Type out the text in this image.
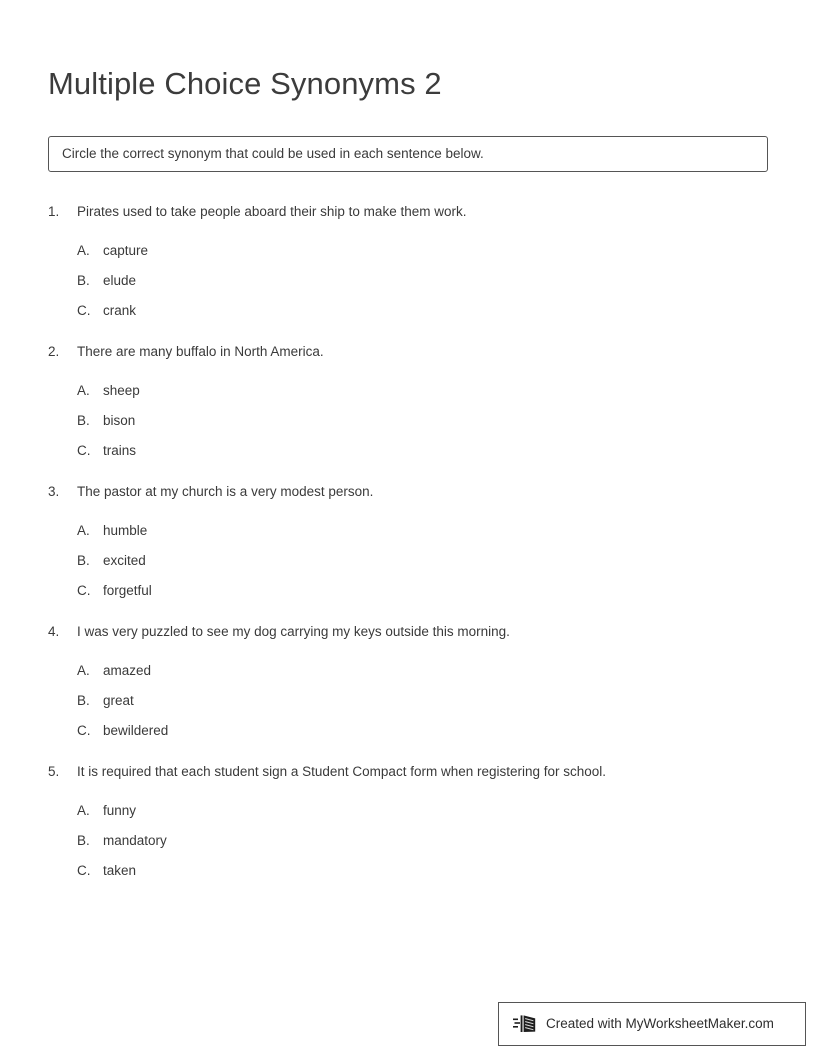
Multiple Choice Synonyms 2
Circle the correct synonym that could be used in each sentence below.
1.	Pirates used to take people aboard their ship to make them work.
A. capture
B. elude
C. crank
2.	There are many buffalo in North America.
A. sheep
B. bison
C. trains
3.	The pastor at my church is a very modest person.
A. humble
B. excited
C. forgetful
4.	I was very puzzled to see my dog carrying my keys outside this morning.
A. amazed
B. great
C. bewildered
5.	It is required that each student sign a Student Compact form when registering for school.
A. funny
B. mandatory
C. taken
Created with MyWorksheetMaker.com
